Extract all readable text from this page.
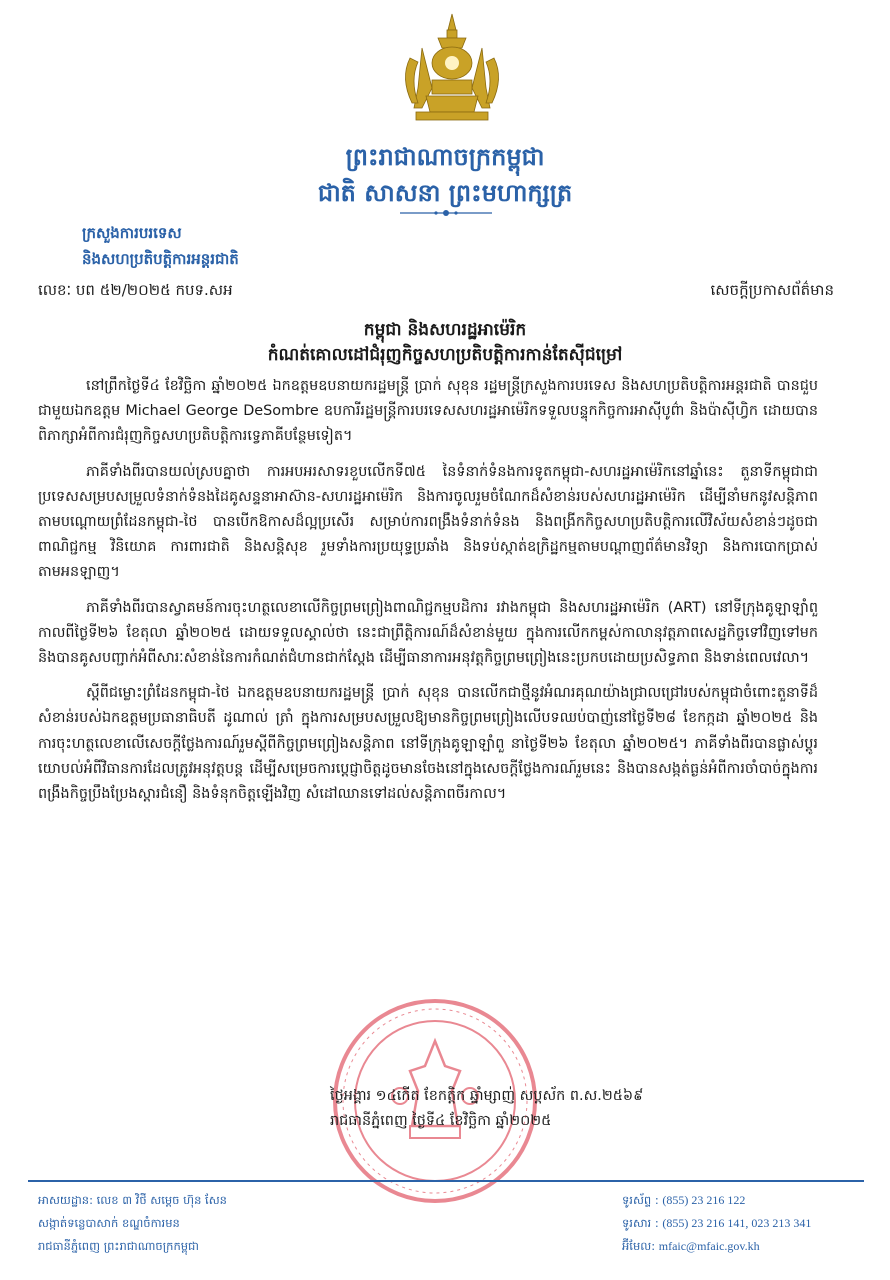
ព្រះរាជាណាចក្រកម្ពុជា
ជាតិ សាសនា ព្រះមហាក្សត្រ
ក្រសួងការបរទេស
និងសហប្រតិបត្តិការអន្តរជាតិ
លេខៈ បព ៥២/២០២៥ កបទ.សអ	សេចក្តីប្រកាសព័ត៌មាន
កម្ពុជា និងសហរដ្ឋអាម៉េរិក
កំណត់គោលដៅជំរុញកិច្ចសហប្រតិបត្តិការកាន់តែស៊ីជម្រៅ

នៅព្រឹកថ្ងៃទី៤ ខែវិច្ឆិកា ឆ្នាំ២០២៥ ឯកឧត្តមឧបនាយករដ្ឋមន្ត្រី ប្រាក់ សុខុន រដ្ឋមន្ត្រីក្រសួងការបរទេស និងសហប្រតិបត្តិការអន្តរជាតិ បានជួបជាមួយឯកឧត្តម Michael George DeSombre ឧបការីរដ្ឋមន្ត្រីការបរទេសសហរដ្ឋអាម៉េរិកទទួលបន្ទុកកិច្ចការអាស៊ីបូព៌ា និងប៉ាស៊ីហ្វិក ដោយបានពិភាក្សាអំពីការជំរុញកិច្ចសហប្រតិបត្តិការទ្វេភាគីបន្ថែមទៀត។

ភាគីទាំងពីរបានយល់ស្របគ្នាថា ការអបអរសាទរខួបលើកទី៧៥ នៃទំនាក់ទំនងការទូតកម្ពុជា-សហរដ្ឋអាម៉េរិកនៅឆ្នាំនេះ តួនាទីកម្ពុជាជាប្រទេសសម្របសម្រួលទំនាក់ទំនងដៃគូសន្ទនាអាស៊ាន-សហរដ្ឋអាម៉េរិក និងការចូលរួមចំណែកដ៏សំខាន់របស់សហរដ្ឋអាម៉េរិក ដើម្បីនាំមកនូវសន្តិភាពតាមបណ្តោយព្រំដែនកម្ពុជា-ថៃ បានបើកឱកាសដ៏ល្អប្រសើរ សម្រាប់ការពង្រឹងទំនាក់ទំនង និងពង្រីកកិច្ចសហប្រតិបត្តិការលើវិស័យសំខាន់ៗដូចជា ពាណិជ្ជកម្ម វិនិយោគ ការពារជាតិ និងសន្តិសុខ រួមទាំងការប្រយុទ្ធប្រឆាំង និងទប់ស្កាត់ឧក្រិដ្ឋកម្មតាមបណ្តាញព័ត៌មានវិទ្យា និងការបោកប្រាស់តាមអនឡាញ។

ភាគីទាំងពីរបានស្វាគមន៍ការចុះហត្ថលេខាលើកិច្ចព្រមព្រៀងពាណិជ្ជកម្មបដិការ រវាងកម្ពុជា និងសហរដ្ឋអាម៉េរិក (ART) នៅទីក្រុងគូឡាឡាំពួ កាលពីថ្ងៃទី២៦ ខែតុលា ឆ្នាំ២០២៥ ដោយទទួលស្គាល់ថា នេះជាព្រឹត្តិការណ៍ដ៏សំខាន់មួយ ក្នុងការលើកកម្ពស់កាលានុវត្តភាពសេដ្ឋកិច្ចទៅវិញទៅមក និងបានគូសបញ្ជាក់អំពីសារៈសំខាន់នៃការកំណត់ជំហានជាក់ស្តែង ដើម្បីធានាការអនុវត្តកិច្ចព្រមព្រៀងនេះប្រកបដោយប្រសិទ្ធភាព និងទាន់ពេលវេលា។

ស្តីពីជម្លោះព្រំដែនកម្ពុជា-ថៃ ឯកឧត្តមឧបនាយករដ្ឋមន្ត្រី ប្រាក់ សុខុន បានលើកជាថ្មីនូវអំណរគុណយ៉ាងជ្រាលជ្រៅរបស់កម្ពុជាចំពោះតួនាទីដ៏សំខាន់របស់ឯកឧត្តមប្រធានាធិបតី ដូណាល់ ត្រាំ ក្នុងការសម្របសម្រួលឱ្យមានកិច្ចព្រមព្រៀងលើបទឈប់បាញ់នៅថ្ងៃទី២៨ ខែកក្កដា ឆ្នាំ២០២៥ និងការចុះហត្ថលេខាលើសេចក្តីថ្លែងការណ៍រួមស្តីពីកិច្ចព្រមព្រៀងសន្តិភាព នៅទីក្រុងគូឡាឡាំពួ នាថ្ងៃទី២៦ ខែតុលា ឆ្នាំ២០២៥។ ភាគីទាំងពីរបានផ្លាស់ប្តូរយោបល់អំពីវិធានការដែលត្រូវអនុវត្តបន្ត ដើម្បីសម្រេចការប្តេជ្ញាចិត្តដូចមានចែងនៅក្នុងសេចក្តីថ្លែងការណ៍រួមនេះ និងបានសង្កត់ធ្ងន់អំពីការចាំបាច់ក្នុងការពង្រឹងកិច្ចប្រឹងប្រែងស្តារជំនឿ និងទំនុកចិត្តឡើងវិញ សំដៅឈានទៅដល់សន្តិភាពចីរកាល។

ថ្ងៃអង្គារ ១៤កើត ខែកត្តិក ឆ្នាំម្សាញ់ សប្តស័ក ព.ស.២៥៦៩
រាជធានីភ្នំពេញ ថ្ងៃទី៤ ខែវិច្ឆិកា ឆ្នាំ២០២៥
អាសយដ្ឋាន: លេខ ៣ វិថី សម្តេច ហ៊ុន សែន
សង្កាត់ទន្លេបាសាក់ ខណ្ឌចំការមន
រាជធានីភ្នំពេញ ព្រះរាជាណាចក្រកម្ពុជា
ទូរស័ព្ទ : (855) 23 216 122
ទូរសារ : (855) 23 216 141, 023 213 341
អ៊ីមែល: mfaic@mfaic.gov.kh
